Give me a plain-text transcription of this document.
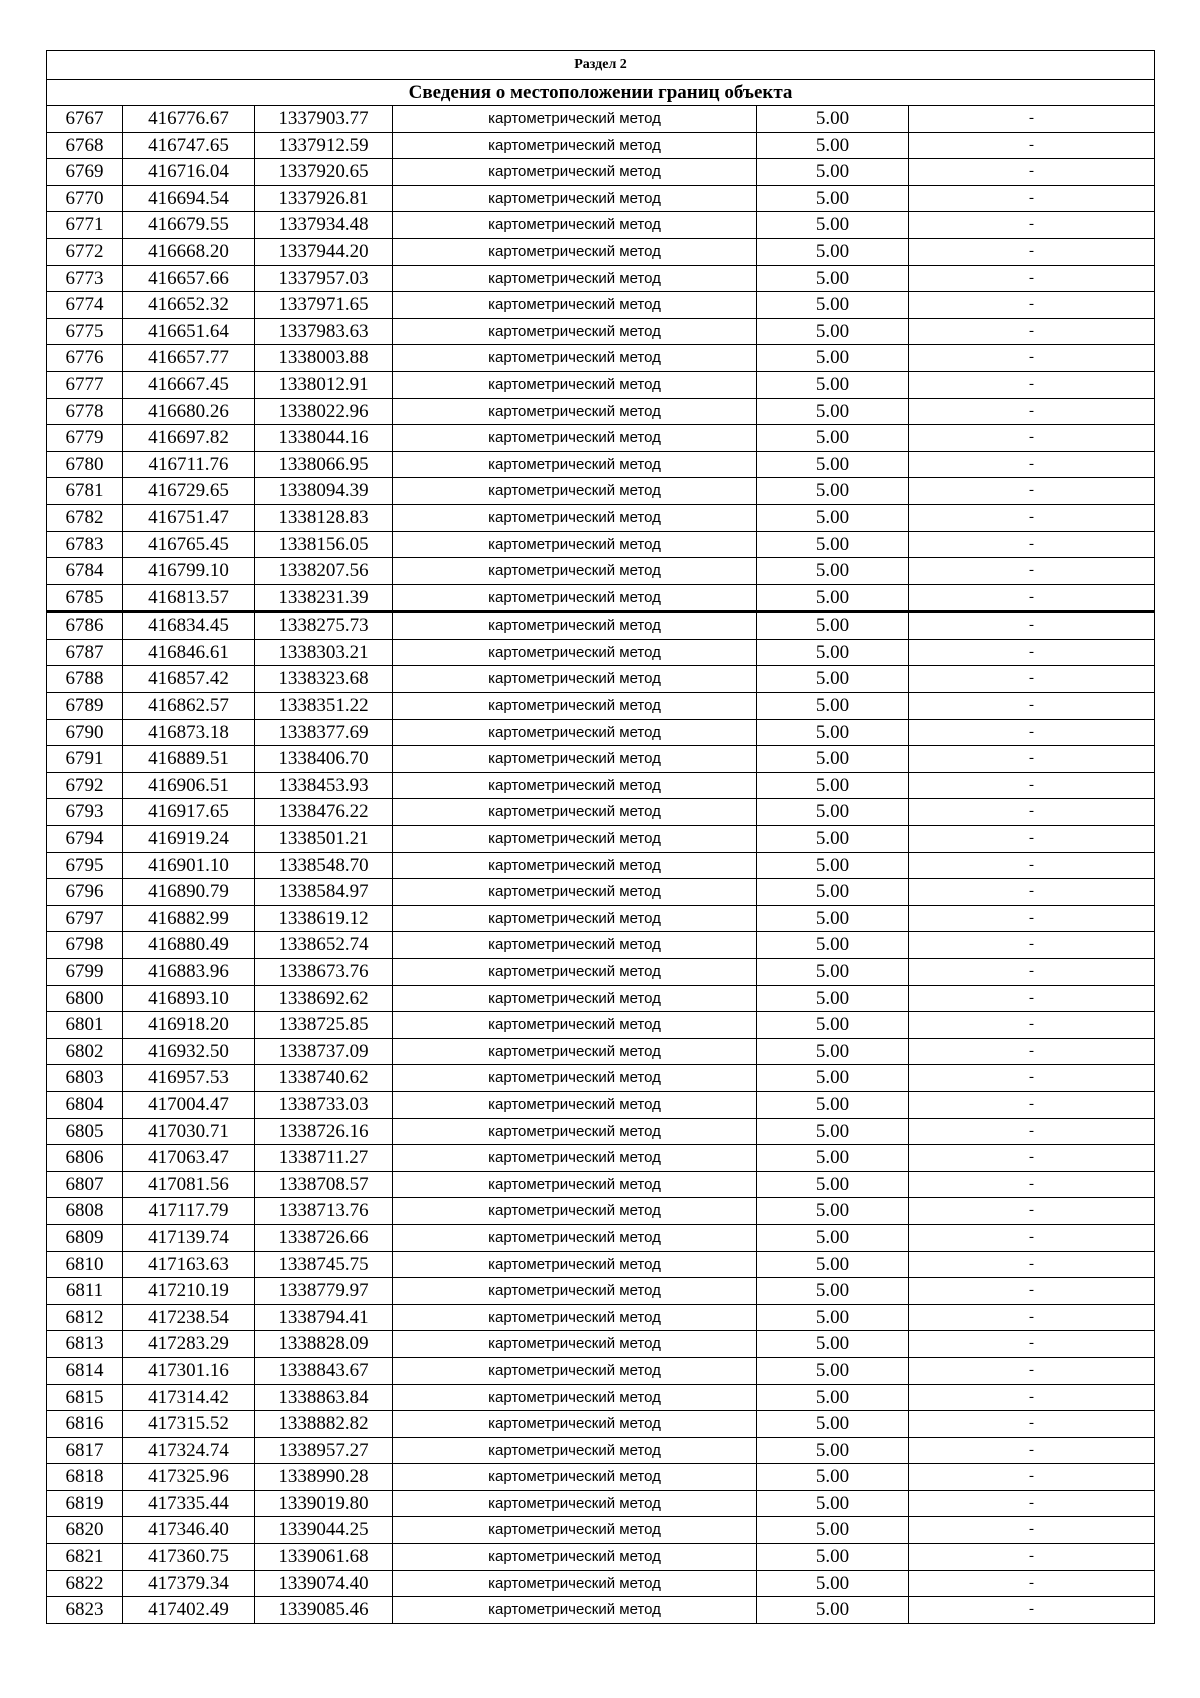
Раздел 2					
Сведения о местоположении границ объекта					
6767	416776.67	1337903.77	картометрический метод	5.00	-
6768	416747.65	1337912.59	картометрический метод	5.00	-
6769	416716.04	1337920.65	картометрический метод	5.00	-
6770	416694.54	1337926.81	картометрический метод	5.00	-
6771	416679.55	1337934.48	картометрический метод	5.00	-
6772	416668.20	1337944.20	картометрический метод	5.00	-
6773	416657.66	1337957.03	картометрический метод	5.00	-
6774	416652.32	1337971.65	картометрический метод	5.00	-
6775	416651.64	1337983.63	картометрический метод	5.00	-
6776	416657.77	1338003.88	картометрический метод	5.00	-
6777	416667.45	1338012.91	картометрический метод	5.00	-
6778	416680.26	1338022.96	картометрический метод	5.00	-
6779	416697.82	1338044.16	картометрический метод	5.00	-
6780	416711.76	1338066.95	картометрический метод	5.00	-
6781	416729.65	1338094.39	картометрический метод	5.00	-
6782	416751.47	1338128.83	картометрический метод	5.00	-
6783	416765.45	1338156.05	картометрический метод	5.00	-
6784	416799.10	1338207.56	картометрический метод	5.00	-
6785	416813.57	1338231.39	картометрический метод	5.00	-
6786	416834.45	1338275.73	картометрический метод	5.00	-
6787	416846.61	1338303.21	картометрический метод	5.00	-
6788	416857.42	1338323.68	картометрический метод	5.00	-
6789	416862.57	1338351.22	картометрический метод	5.00	-
6790	416873.18	1338377.69	картометрический метод	5.00	-
6791	416889.51	1338406.70	картометрический метод	5.00	-
6792	416906.51	1338453.93	картометрический метод	5.00	-
6793	416917.65	1338476.22	картометрический метод	5.00	-
6794	416919.24	1338501.21	картометрический метод	5.00	-
6795	416901.10	1338548.70	картометрический метод	5.00	-
6796	416890.79	1338584.97	картометрический метод	5.00	-
6797	416882.99	1338619.12	картометрический метод	5.00	-
6798	416880.49	1338652.74	картометрический метод	5.00	-
6799	416883.96	1338673.76	картометрический метод	5.00	-
6800	416893.10	1338692.62	картометрический метод	5.00	-
6801	416918.20	1338725.85	картометрический метод	5.00	-
6802	416932.50	1338737.09	картометрический метод	5.00	-
6803	416957.53	1338740.62	картометрический метод	5.00	-
6804	417004.47	1338733.03	картометрический метод	5.00	-
6805	417030.71	1338726.16	картометрический метод	5.00	-
6806	417063.47	1338711.27	картометрический метод	5.00	-
6807	417081.56	1338708.57	картометрический метод	5.00	-
6808	417117.79	1338713.76	картометрический метод	5.00	-
6809	417139.74	1338726.66	картометрический метод	5.00	-
6810	417163.63	1338745.75	картометрический метод	5.00	-
6811	417210.19	1338779.97	картометрический метод	5.00	-
6812	417238.54	1338794.41	картометрический метод	5.00	-
6813	417283.29	1338828.09	картометрический метод	5.00	-
6814	417301.16	1338843.67	картометрический метод	5.00	-
6815	417314.42	1338863.84	картометрический метод	5.00	-
6816	417315.52	1338882.82	картометрический метод	5.00	-
6817	417324.74	1338957.27	картометрический метод	5.00	-
6818	417325.96	1338990.28	картометрический метод	5.00	-
6819	417335.44	1339019.80	картометрический метод	5.00	-
6820	417346.40	1339044.25	картометрический метод	5.00	-
6821	417360.75	1339061.68	картометрический метод	5.00	-
6822	417379.34	1339074.40	картометрический метод	5.00	-
6823	417402.49	1339085.46	картометрический метод	5.00	-
